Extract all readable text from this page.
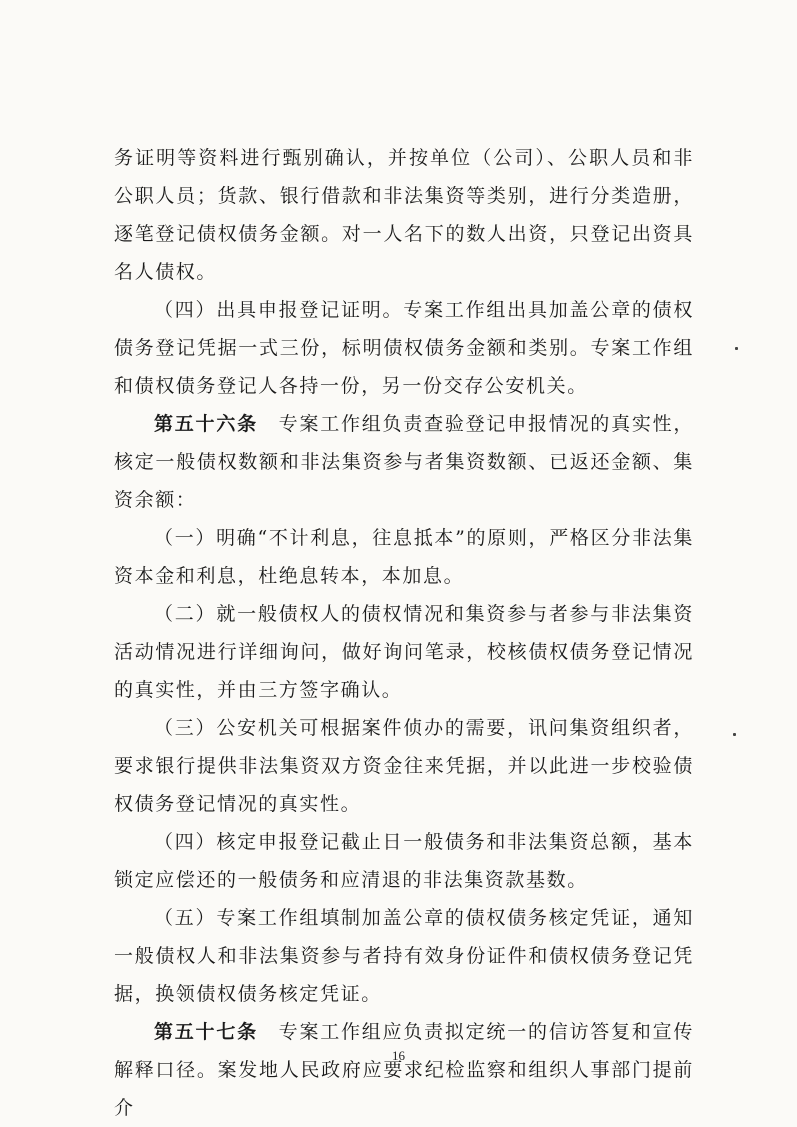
务证明等资料进行甄别确认，并按单位（公司）、公职人员和非公职人员；货款、银行借款和非法集资等类别，进行分类造册，逐笔登记债权债务金额。对一人名下的数人出资，只登记出资具名人债权。

（四）出具申报登记证明。专案工作组出具加盖公章的债权债务登记凭据一式三份，标明债权债务金额和类别。专案工作组和债权债务登记人各持一份，另一份交存公安机关。

第五十六条　专案工作组负责查验登记申报情况的真实性，核定一般债权数额和非法集资参与者集资数额、已返还金额、集资余额：

（一）明确“不计利息，往息抵本”的原则，严格区分非法集资本金和利息，杜绝息转本，本加息。

（二）就一般债权人的债权情况和集资参与者参与非法集资活动情况进行详细询问，做好询问笔录，校核债权债务登记情况的真实性，并由三方签字确认。

（三）公安机关可根据案件侦办的需要，讯问集资组织者，要求银行提供非法集资双方资金往来凭据，并以此进一步校验债权债务登记情况的真实性。

（四）核定申报登记截止日一般债务和非法集资总额，基本锁定应偿还的一般债务和应清退的非法集资款基数。

（五）专案工作组填制加盖公章的债权债务核定凭证，通知一般债权人和非法集资参与者持有效身份证件和债权债务登记凭据，换领债权债务核定凭证。

第五十七条　专案工作组应负责拟定统一的信访答复和宣传解释口径。案发地人民政府应要求纪检监察和组织人事部门提前介

16
